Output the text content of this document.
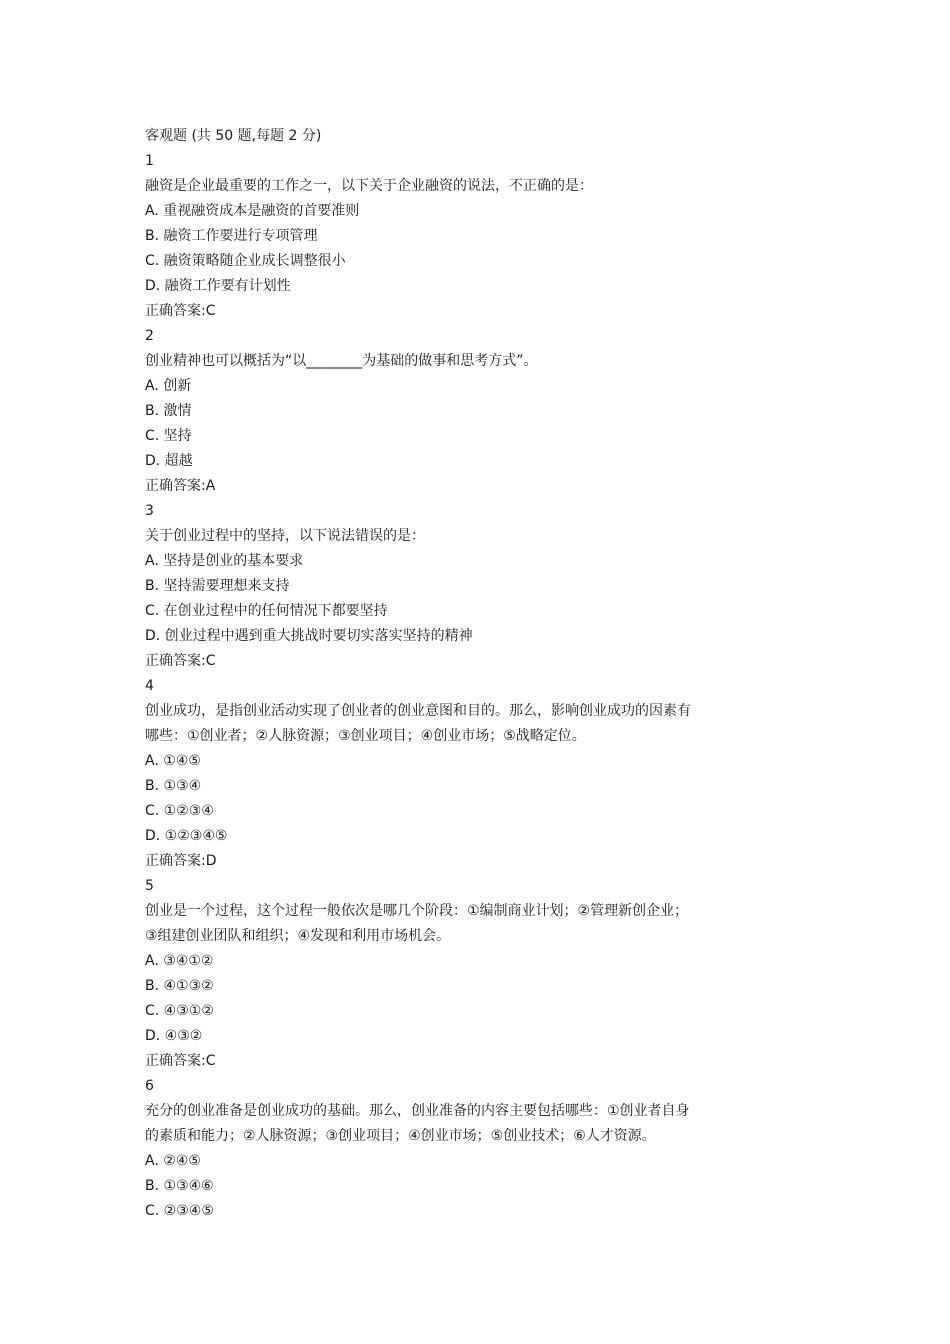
客观题 (共 50 题,每题 2 分)
1
融资是企业最重要的工作之一，以下关于企业融资的说法，不正确的是：
A. 重视融资成本是融资的首要准则
B. 融资工作要进行专项管理
C. 融资策略随企业成长调整很小
D. 融资工作要有计划性
正确答案:C
2
创业精神也可以概括为“以________为基础的做事和思考方式”。
A. 创新
B. 激情
C. 坚持
D. 超越
正确答案:A
3
关于创业过程中的坚持，以下说法错误的是：
A. 坚持是创业的基本要求
B. 坚持需要理想来支持
C. 在创业过程中的任何情况下都要坚持
D. 创业过程中遇到重大挑战时要切实落实坚持的精神
正确答案:C
4
创业成功，是指创业活动实现了创业者的创业意图和目的。那么，影响创业成功的因素有
哪些：①创业者；②人脉资源；③创业项目；④创业市场；⑤战略定位。
A. ①④⑤
B. ①③④
C. ①②③④
D. ①②③④⑤
正确答案:D
5
创业是一个过程，这个过程一般依次是哪几个阶段：①编制商业计划；②管理新创企业；
③组建创业团队和组织；④发现和利用市场机会。
A. ③④①②
B. ④①③②
C. ④③①②
D. ④③②
正确答案:C
6
充分的创业准备是创业成功的基础。那么，创业准备的内容主要包括哪些：①创业者自身
的素质和能力；②人脉资源；③创业项目；④创业市场；⑤创业技术；⑥人才资源。
A. ②④⑤
B. ①③④⑥
C. ②③④⑤
